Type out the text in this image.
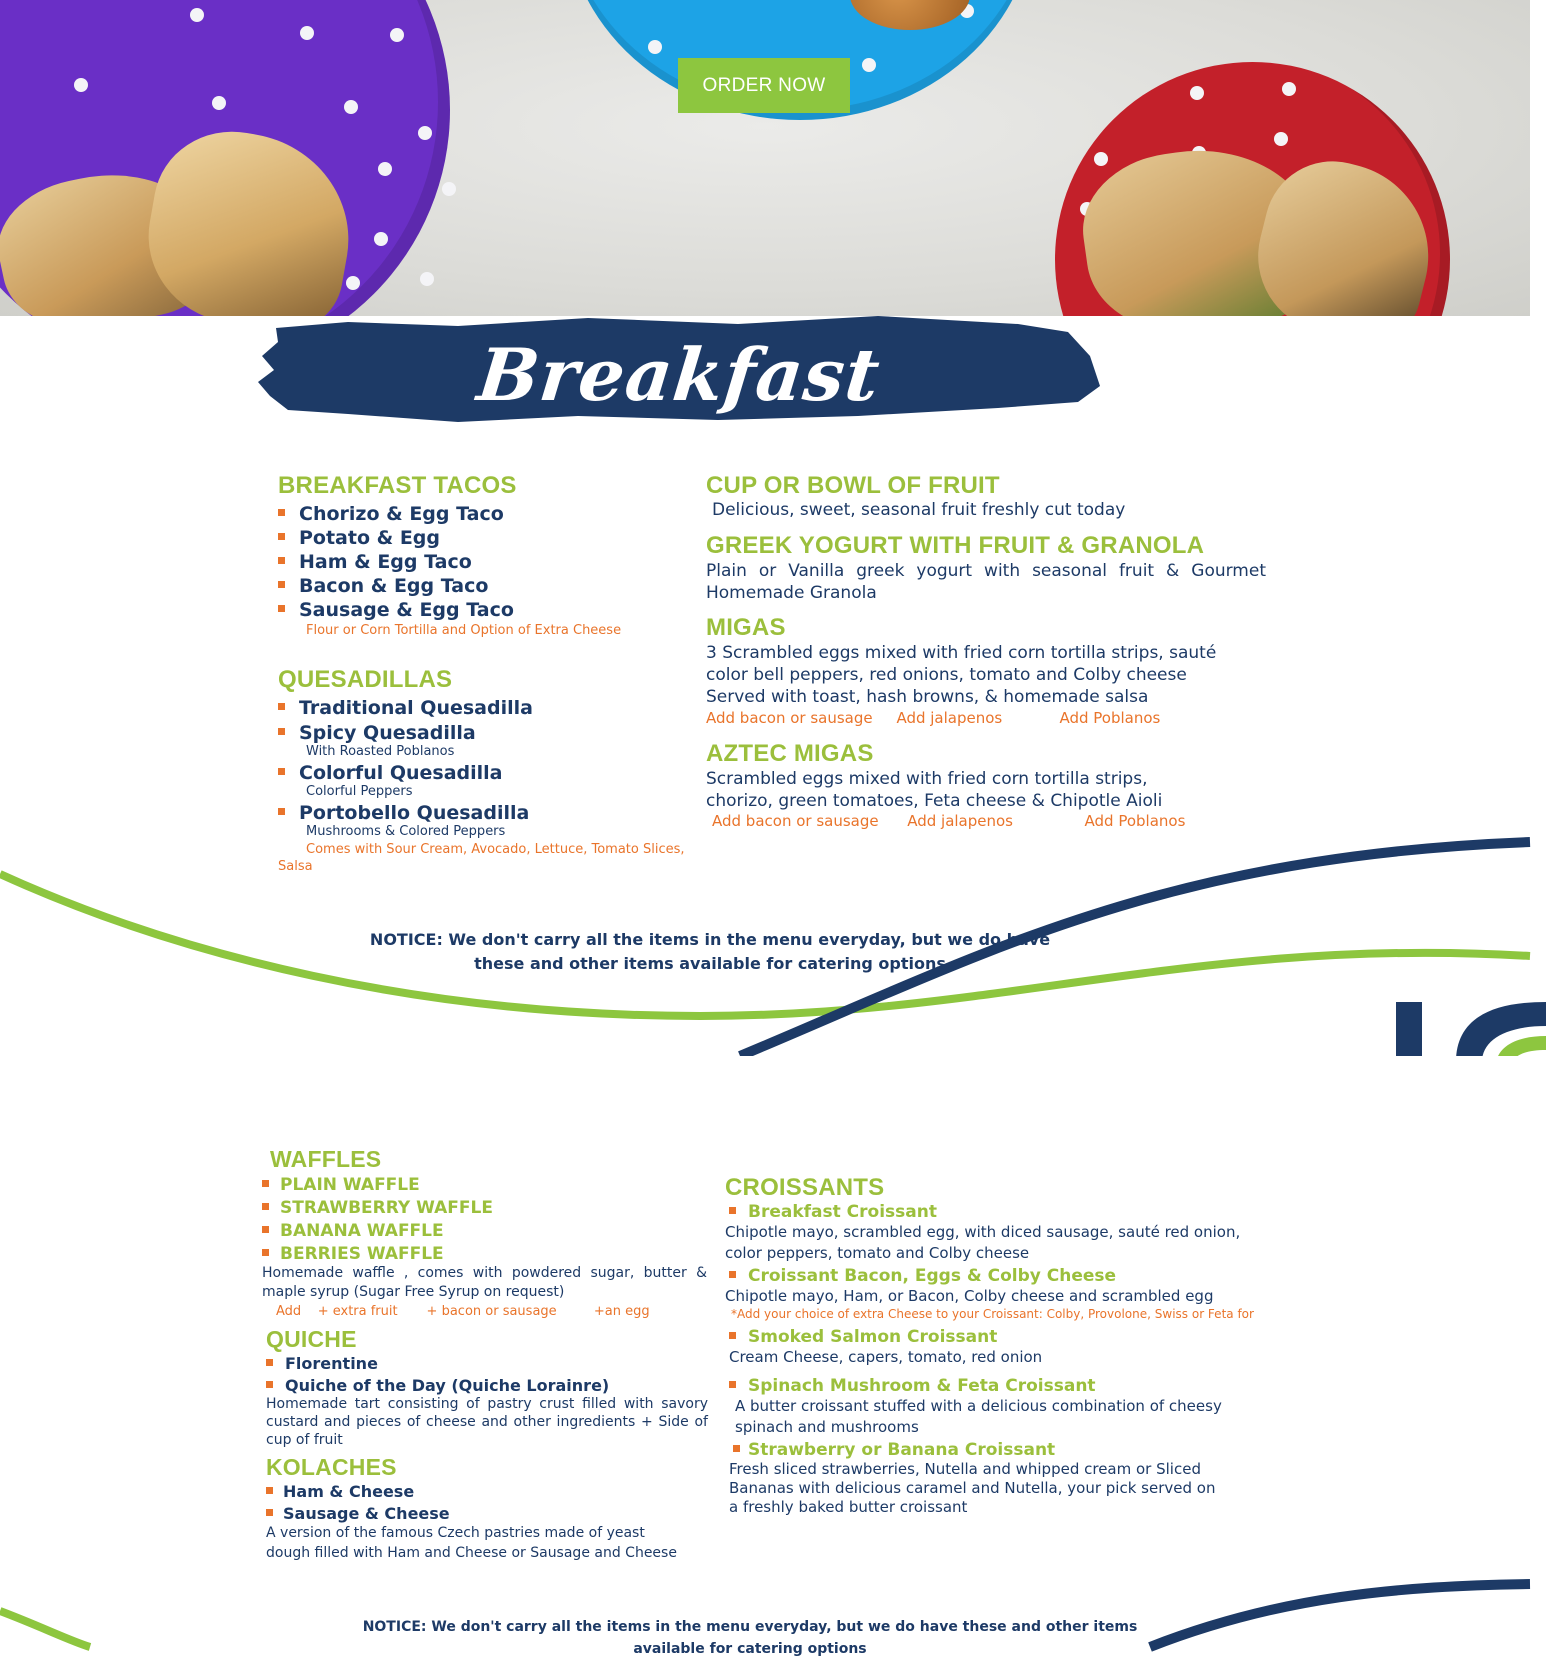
ORDER NOW
Breakfast
BREAKFAST TACOS
Chorizo & Egg Taco
Potato & Egg
Ham & Egg Taco
Bacon & Egg Taco
Sausage & Egg Taco
Flour or Corn Tortilla and Option of Extra Cheese
QUESADILLAS
Traditional Quesadilla
Spicy Quesadilla
With Roasted Poblanos
Colorful Quesadilla
Colorful Peppers
Portobello Quesadilla
Mushrooms & Colored Peppers
Comes with Sour Cream, Avocado, Lettuce, Tomato Slices, Salsa
CUP OR BOWL OF FRUIT
Delicious, sweet, seasonal fruit freshly cut today
GREEK YOGURT WITH FRUIT & GRANOLA
Plain or Vanilla greek yogurt with seasonal fruit & Gourmet Homemade Granola
MIGAS
3 Scrambled eggs mixed with fried corn tortilla strips, sauté color bell peppers, red onions, tomato and Colby cheese
Served with toast, hash browns, & homemade salsa
Add bacon or sausage Add jalapenos	Add Poblanos
AZTEC MIGAS
Scrambled eggs mixed with fried corn tortilla strips, chorizo, green tomatoes, Feta cheese & Chipotle Aioli
Add bacon or sausage Add jalapenos	Add Poblanos
NOTICE: We don't carry all the items in the menu everyday, but we do have
these and other items available for catering options
WAFFLES
PLAIN WAFFLE
STRAWBERRY WAFFLE
BANANA WAFFLE
BERRIES WAFFLE
Homemade waffle , comes with powdered sugar, butter & maple syrup (Sugar Free Syrup on request)
Add + extra fruit + bacon or sausage	+an egg
QUICHE
Florentine
Quiche of the Day (Quiche Lorainre)
Homemade tart consisting of pastry crust filled with savory custard and pieces of cheese and other ingredients + Side of cup of fruit
KOLACHES
Ham & Cheese
Sausage & Cheese
A version of the famous Czech pastries made of yeast dough filled with Ham and Cheese or Sausage and Cheese
CROISSANTS
Breakfast Croissant
Chipotle mayo, scrambled egg, with diced sausage, sauté red onion, color peppers, tomato and Colby cheese
Croissant Bacon, Eggs & Colby Cheese
Chipotle mayo, Ham, or Bacon, Colby cheese and scrambled egg
*Add your choice of extra Cheese to your Croissant: Colby, Provolone, Swiss or Feta for
Smoked Salmon Croissant
Cream Cheese, capers, tomato, red onion
Spinach Mushroom & Feta Croissant
A butter croissant stuffed with a delicious combination of cheesy spinach and mushrooms
Strawberry or Banana Croissant
Fresh sliced strawberries, Nutella and whipped cream or Sliced Bananas with delicious caramel and Nutella, your pick served on a freshly baked butter croissant
NOTICE: We don't carry all the items in the menu everyday, but we do have these and other items
available for catering options
